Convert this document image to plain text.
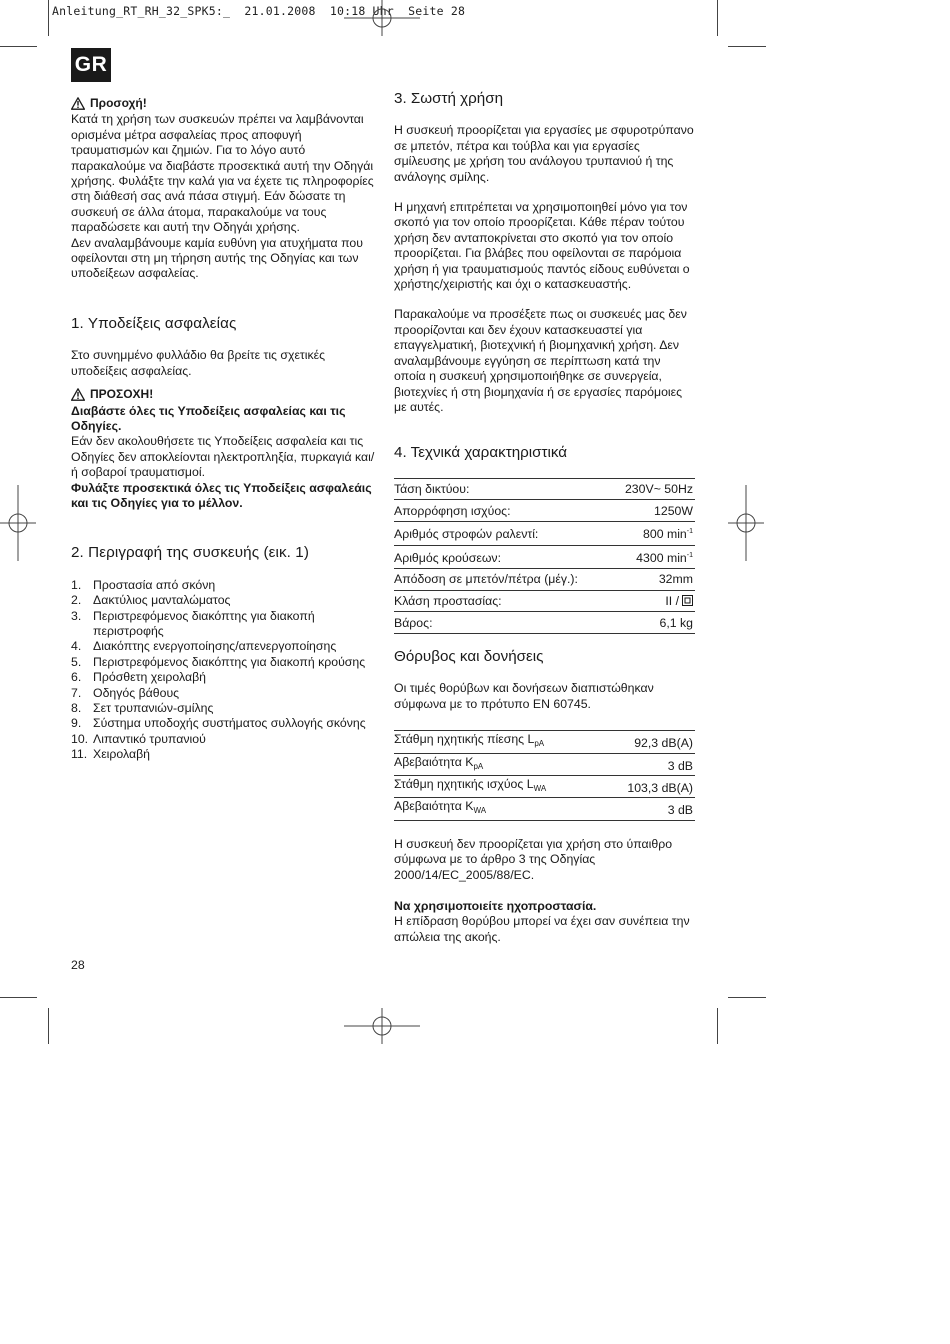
Anleitung_RT_RH_32_SPK5:_  21.01.2008  10:18 Uhr  Seite 28
GR
Προσοχή!

Κατά τη χρήση των συσκευών πρέπει να λαμβάνονται ορισμένα μέτρα ασφαλείας προς αποφυγή τραυματισμών και ζημιών. Για το λόγο αυτό παρακαλούμε να διαβάστε προσεκτικά αυτή την Οδηγάι χρήσης. Φυλάξτε την καλά για να έχετε τις πληροφορίες στη διάθεσή σας ανά πάσα στιγμή. Εάν δώσατε τη συσκευή σε άλλα άτομα, παρακαλούμε να τους παραδώσετε και αυτή την Οδηγάι χρήσης.

Δεν αναλαμβάνουμε καμία ευθύνη για ατυχήματα που οφείλονται στη μη τήρηση αυτής της Οδηγίας και των υποδείξεων ασφαλείας.

1. Υποδείξεις ασφαλείας

Στο συνημμένο φυλλάδιο θα βρείτε τις σχετικές υποδείξεις ασφαλείας.

ΠΡΟΣΟΧΗ!

Διαβάστε όλες τις Υποδείξεις ασφαλείας και τις Οδηγίες.

Εάν δεν ακολουθήσετε τις Υποδείξεις ασφαλεία και τις Οδηγίες δεν αποκλείονται ηλεκτροπληξία, πυρκαγιά και/ή σοβαροί τραυματισμοί.

Φυλάξτε προσεκτικά όλες τις Υποδείξεις ασφαλεάις και τις Οδηγίες για το μέλλον.

2. Περιγραφή της συσκευής (εικ. 1)
1. Προστασία από σκόνη
2. Δακτύλιος μανταλώματος
3. Περιστρεφόμενος διακόπτης για διακοπή περιστροφής
4. Διακόπτης ενεργοποίησης/απενεργοποίησης
5. Περιστρεφόμενος διακόπτης για διακοπή κρούσης
6. Πρόσθετη χειρολαβή
7. Οδηγός βάθους
8. Σετ τρυπανιών-σμίλης
9. Σύστημα υποδοχής συστήματος συλλογής σκόνης
10. Λιπαντικό τρυπανιού
11. Χειρολαβή
3. Σωστή χρήση

Η συσκευή προορίζεται για εργασίες με σφυροτρύπανο σε μπετόν, πέτρα και τούβλα και για εργασίες σμίλευσης με χρήση του ανάλογου τρυπανιού ή της ανάλογης σμίλης.

Η μηχανή επιτρέπεται να χρησιμοποιηθεί μόνο για τον σκοπό για τον οποίο προορίζεται. Κάθε πέραν τούτου χρήση δεν ανταποκρίνεται στο σκοπό για τον οποίο προορίζεται. Για βλάβες που οφείλονται σε παρόμοια χρήση ή για τραυματισμούς παντός είδους ευθύνεται ο χρήστης/χειριστής και όχι ο κατασκευαστής.

Παρακαλούμε να προσέξετε πως οι συσκευές μας δεν προορίζονται και δεν έχουν κατασκευαστεί για επαγγελματική, βιοτεχνική ή βιομηχανική χρήση. Δεν αναλαμβάνουμε εγγύηση σε περίπτωση κατά την οποία η συσκευή χρησιμοποιήθηκε σε συνεργεία, βιοτεχνίες ή στη βιομηχανία ή σε εργασίες παρόμοιες με αυτές.

4. Τεχνικά χαρακτηριστικά
Τάση δικτύου:	230V~ 50Hz
Απορρόφηση ισχύος:	1250W
Αριθμός στροφών ραλεντί:	800 $\min^{-1}$
Αριθμός κρούσεων:	4300 $\min^{-1}$
Απόδοση σε μπετόν/πέτρα (μέγ.):	32mm
Κλάση προστασίας:	II /
Βάρος:	6,1 kg
Θόρυβος και δονήσεις

Οι τιμές θορύβων και δονήσεων διαπιστώθηκαν σύμφωνα με το πρότυπο EN 60745.

Στάθμη ηχητικής πίεσης $L_{pA}$	92,3 dB(A)
Αβεβαιότητα $K_{pA}$	3 dB
Στάθμη ηχητικής ισχύος $L_{WA}$	103,3 dB(A)
Αβεβαιότητα $K_{WA}$	3 dB

Η συσκευή δεν προορίζεται για χρήση στο ύπαιθρο σύμφωνα με το άρθρο 3 της Οδηγίας 2000/14/EC_2005/88/EC.

Να χρησιμοποιείτε ηχοπροστασία.

Η επίδραση θορύβου μπορεί να έχει σαν συνέπεια την απώλεια της ακοής.

28
